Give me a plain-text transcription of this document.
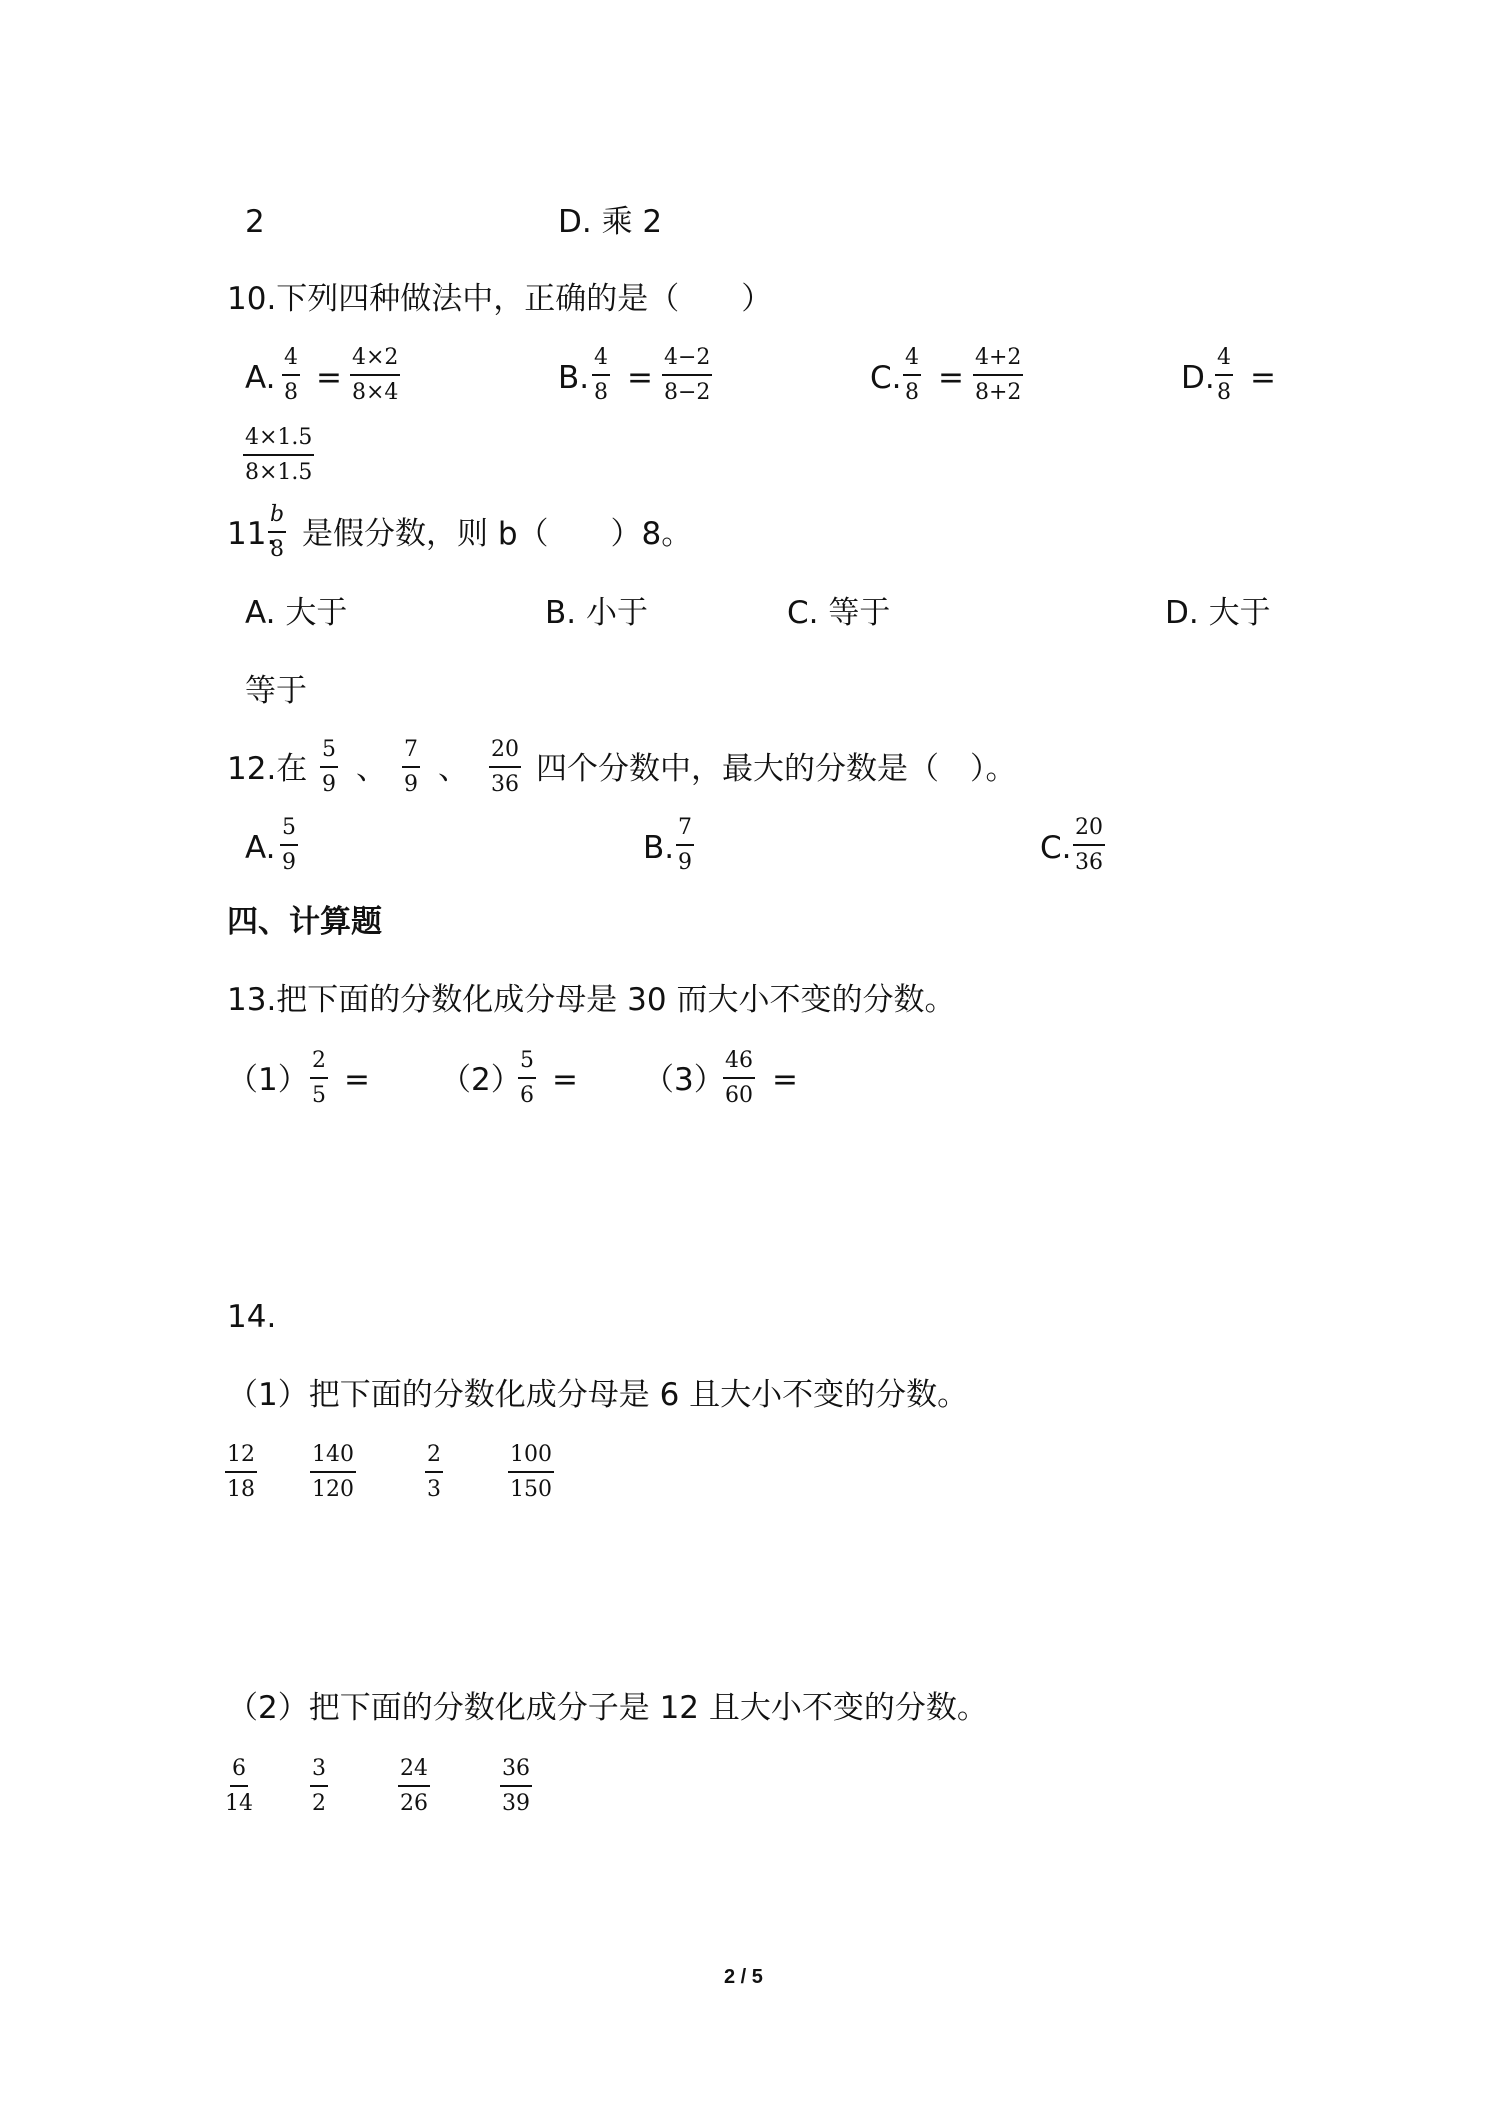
2	D. 乘 2
10.下列四种做法中，正确的是（　　）
A. $\frac{4}{8} = \frac{4\times 2}{8\times 4}$	B. $\frac{4}{8} = \frac{4-2}{8-2}$	C. $\frac{4}{8} = \frac{4+2}{8+2}$	D. $\frac{4}{8}$ =
$\frac{4\times 1.5}{8\times 1.5}$
11.
$\frac{b}{8}$ 是假分数，则 b（　　）8。
A. 大于	B. 小于	C. 等于	D. 大于
等于
12.在 $\frac{5}{9}$ 、 $\frac{7}{9}$ 、 $\frac{20}{36}$ 四个分数中，最大的分数是（　）。
A. $\frac{5}{9}$	B. $\frac{7}{9}$	C. $\frac{20}{36}$
四、计算题
13.把下面的分数化成分母是 30 而大小不变的分数。
$(1) \frac{2}{5} = (2)$
$\frac{5}{6} = (3)$
$\frac{46}{60}$ =
14.
（1）把下面的分数化成分母是 6 且大小不变的分数。
$\frac{12}{18} \frac{140}{120}$	$\frac{2}{3}$	$\frac{100}{150}$
（2）把下面的分数化成分子是 12 且大小不变的分数。
$\frac{6}{14}$	$\frac{3}{2}$	$\frac{24}{26}$	$\frac{36}{39}$
2 / 5
